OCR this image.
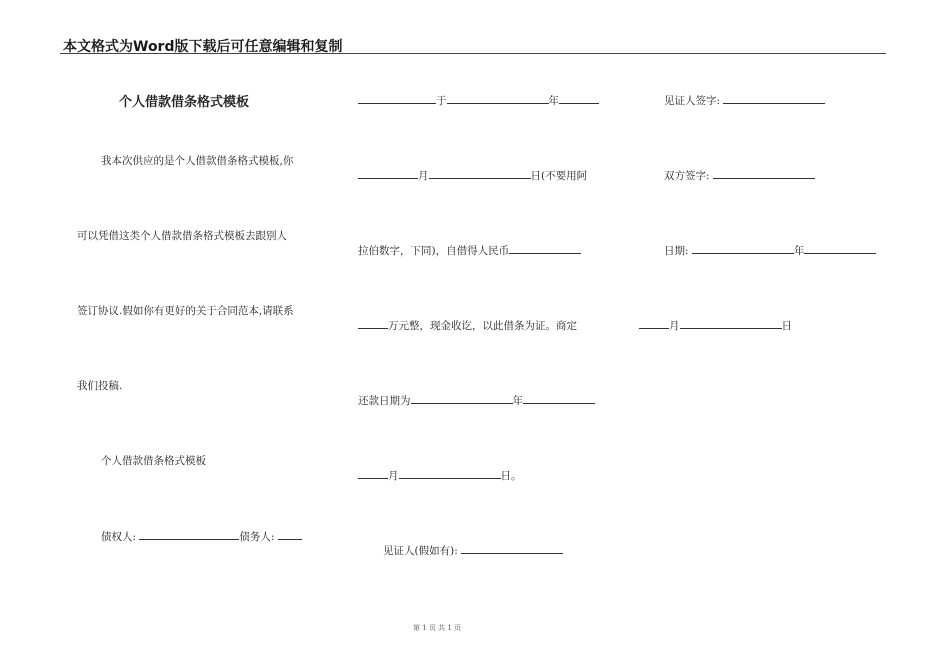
本文格式为Word版下载后可任意编辑和复制
个人借款借条格式模板
我本次供应的是个人借款借条格式模板,你
可以凭借这类个人借款借条格式模板去跟别人
签订协议.假如你有更好的关于合同范本,请联系
我们投稿.
个人借款借条格式模板
债权人:	债务人:
于	年
月	日(不要用阿
拉伯数字，下同)，自借得人民币
万元整，现金收讫，以此借条为证。商定
还款日期为	年
月	日。
见证人(假如有):
见证人签字:
双方签字:
日期:	年
月	日
第 1 页 共 1 页
